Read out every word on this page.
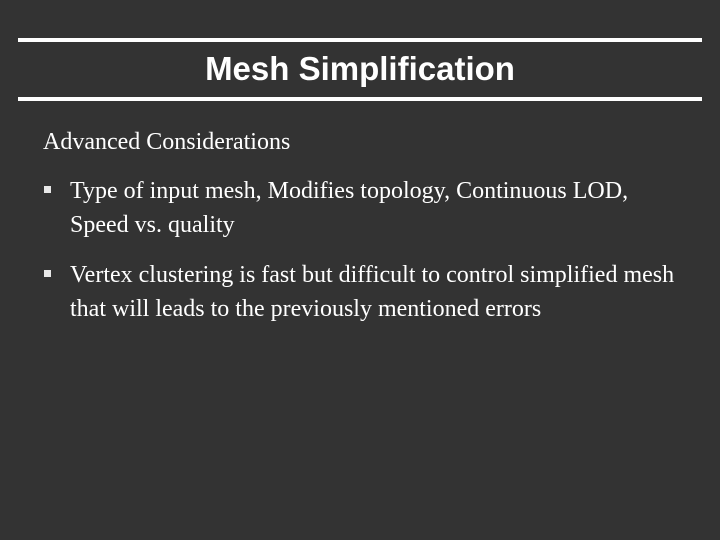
Mesh Simplification

Advanced Considerations

Type of input mesh, Modifies topology, Continuous LOD, Speed vs. quality
Vertex clustering is fast but difficult to control simplified mesh that will leads to the previously mentioned errors
